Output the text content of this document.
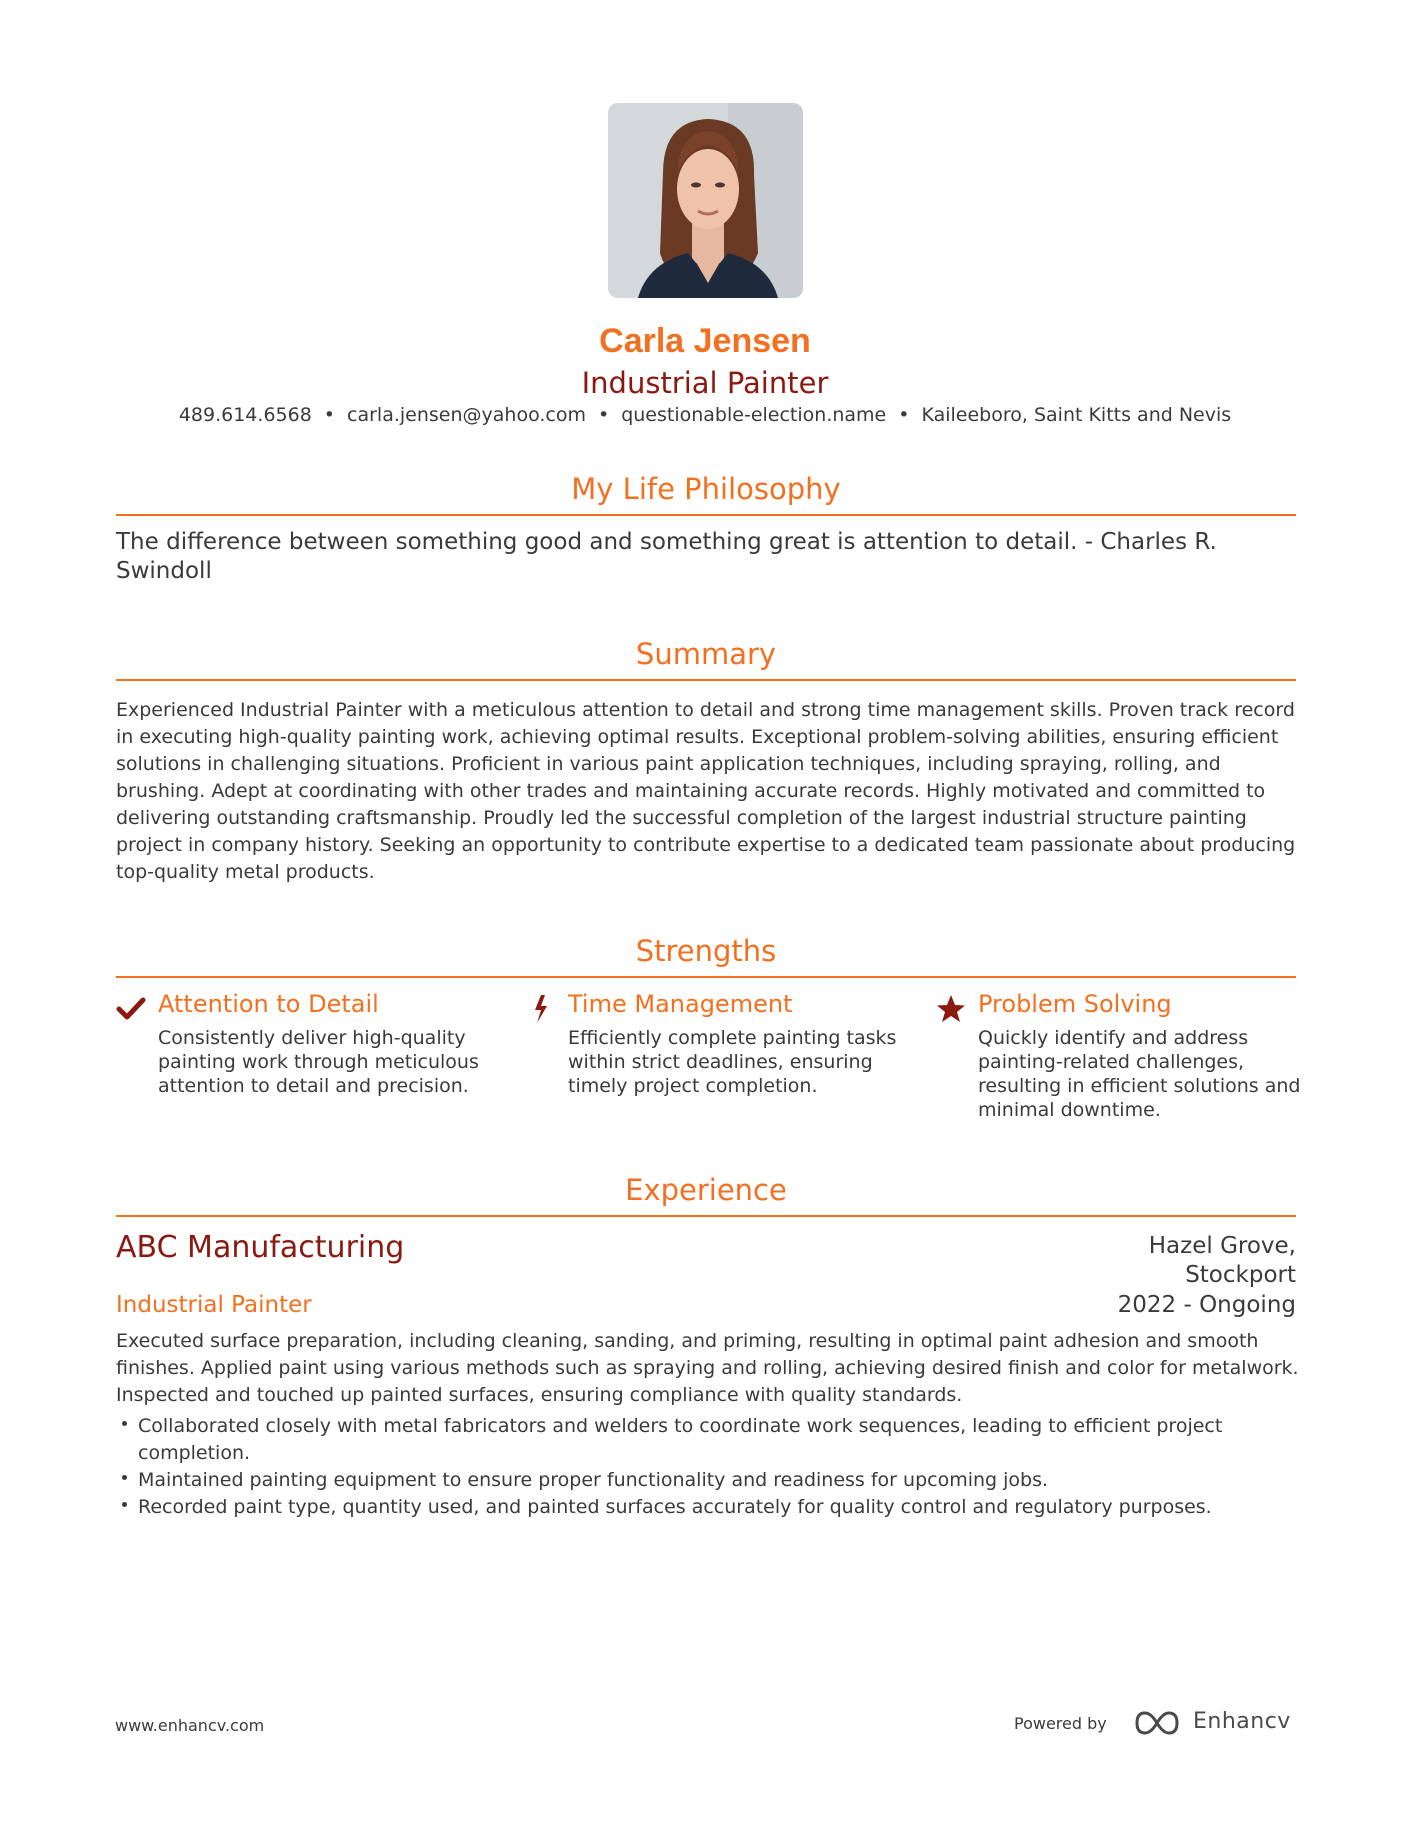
Carla Jensen
Industrial Painter
489.614.6568 • carla.jensen@yahoo.com • questionable-election.name • Kaileeboro, Saint Kitts and Nevis
My Life Philosophy
The difference between something good and something great is attention to detail. - Charles R. Swindoll
Summary
Experienced Industrial Painter with a meticulous attention to detail and strong time management skills. Proven track record in executing high-quality painting work, achieving optimal results. Exceptional problem-solving abilities, ensuring efficient solutions in challenging situations. Proficient in various paint application techniques, including spraying, rolling, and brushing. Adept at coordinating with other trades and maintaining accurate records. Highly motivated and committed to delivering outstanding craftsmanship. Proudly led the successful completion of the largest industrial structure painting project in company history. Seeking an opportunity to contribute expertise to a dedicated team passionate about producing top-quality metal products.
Strengths
Attention to Detail
Consistently deliver high-quality painting work through meticulous attention to detail and precision.
Time Management
Efficiently complete painting tasks within strict deadlines, ensuring timely project completion.
Problem Solving
Quickly identify and address painting-related challenges, resulting in efficient solutions and minimal downtime.
Experience
ABC Manufacturing	Hazel Grove,
Stockport
Industrial Painter	2022 - Ongoing
Executed surface preparation, including cleaning, sanding, and priming, resulting in optimal paint adhesion and smooth finishes. Applied paint using various methods such as spraying and rolling, achieving desired finish and color for metalwork. Inspected and touched up painted surfaces, ensuring compliance with quality standards.
Collaborated closely with metal fabricators and welders to coordinate work sequences, leading to efficient project completion.
Maintained painting equipment to ensure proper functionality and readiness for upcoming jobs.
Recorded paint type, quantity used, and painted surfaces accurately for quality control and regulatory purposes.
www.enhancv.com	Powered by	Enhancv
